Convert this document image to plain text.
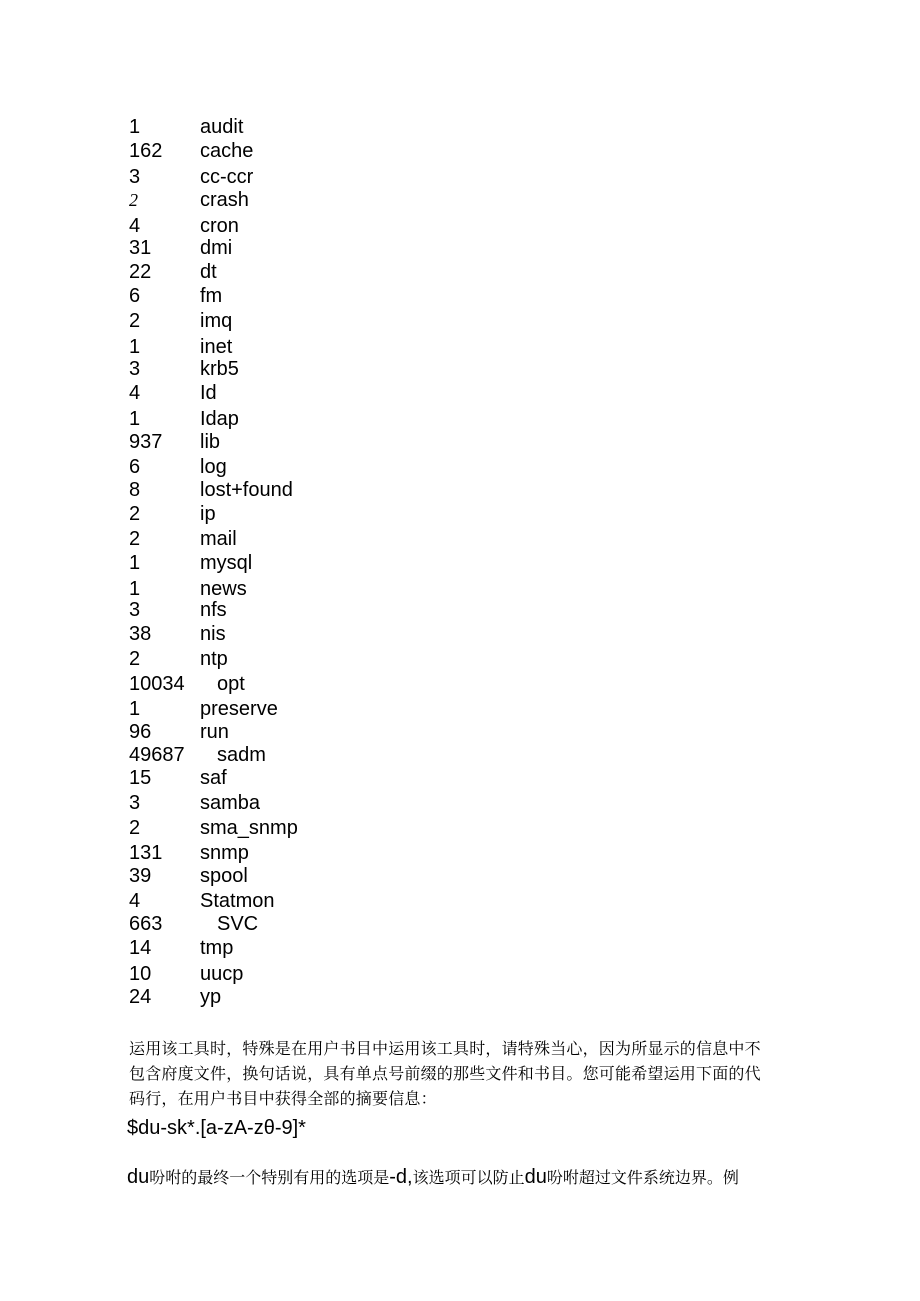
1	audit
162 cache
3	cc-ccr
2	crash
4	cron
31 dmi
22 dt
6	fm
2	imq
1	inet
3	krb5
4	Id
1	Idap
937 lib
6	log
8	lost+found
2	ip
2	mail
1	mysql
1	news
3	nfs
38 nis
2	ntp
10034 opt
1	preserve
96 run
49687 sadm
15 saf
3	samba
2	sma_snmp
131 snmp
39 spool
4	Statmon
663	SVC
14 tmp
10 uucp
24 yp
运用该工具时，特殊是在用户书目中运用该工具时，请特殊当心，因为所显示的信息中不
包含府度文件，换句话说，具有单点号前缀的那些文件和书目。您可能希望运用下面的代
码行，在用户书目中获得全部的摘要信息：
$du-sk*.[a-zA-zθ-9]*
du吩咐的最终一个特别有用的选项是-d,该选项可以防止du吩咐超过文件系统边界。例
